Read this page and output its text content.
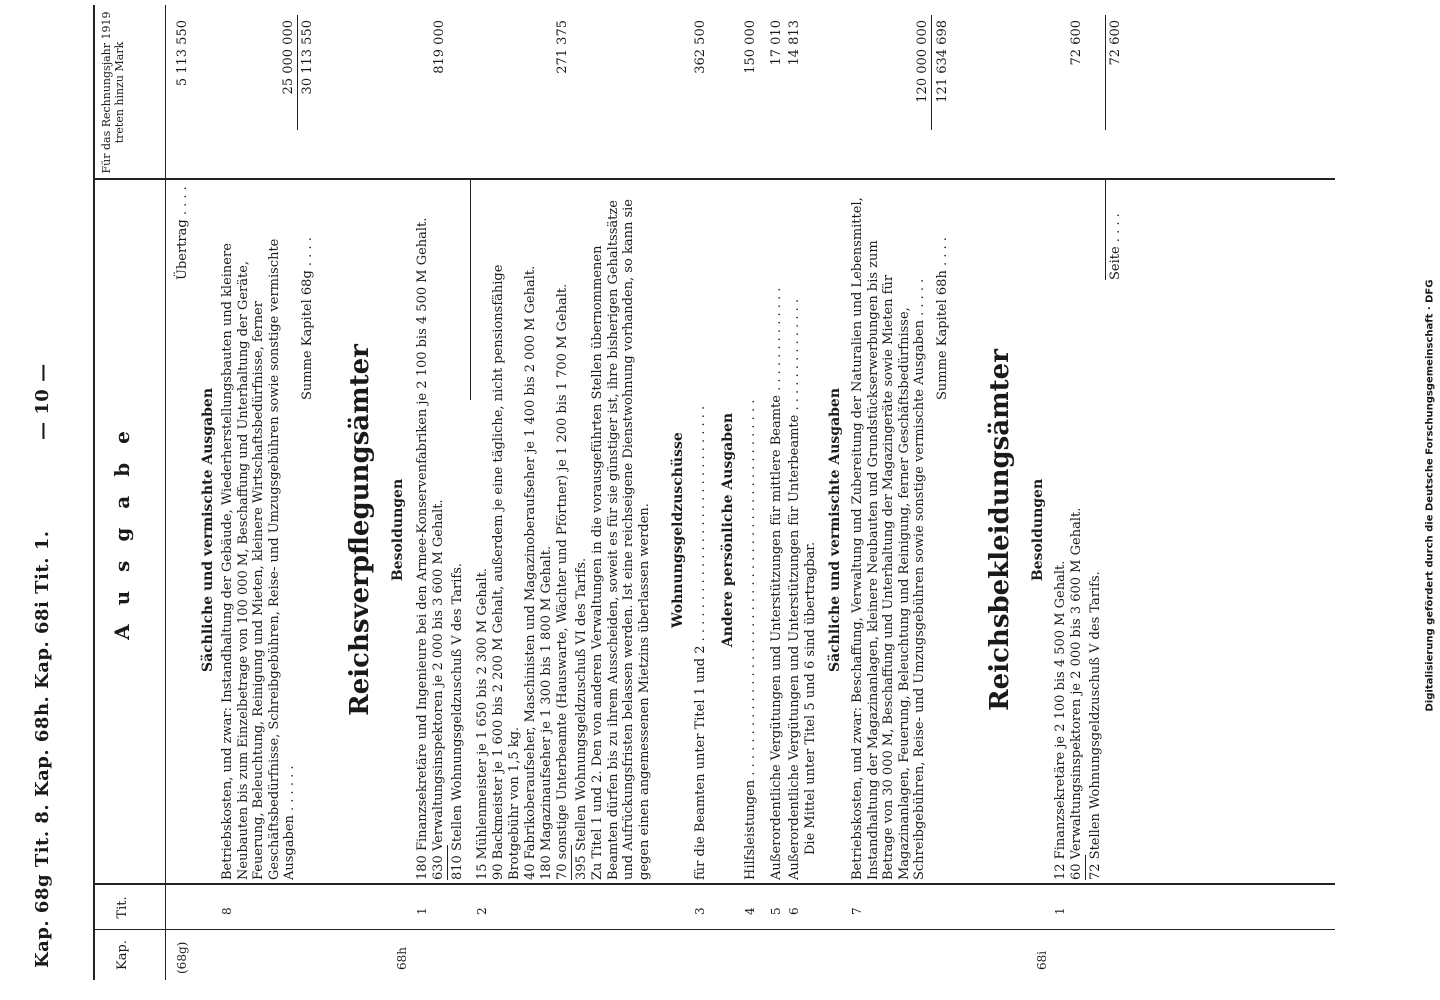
Kap. 68g Tit. 8. Kap. 68h. Kap. 68i Tit. 1.
— 10 —
Kap.
Tit.
A u s g a b e
Für das Rechnungsjahr 1919 treten hinzu Mark
(68g)
Übertrag . . . .
5 113 550
Sächliche und vermischte Ausgaben
8
Betriebskosten, und zwar: Instandhaltung der Gebäude, Wiederherstellungsbauten und kleinere Neubauten bis zum Einzelbetrage von 100 000 M, Beschaffung und Unterhaltung der Geräte, Feuerung, Beleuchtung, Reinigung und Mieten, kleinere Wirtschaftsbedürfnisse, ferner Geschäftsbedürfnisse, Schreibgebühren, Reise- und Umzugsgebühren sowie sonstige vermischte Ausgaben . . . . . .
25 000 000
Summe Kapitel 68g . . . .
30 113 550
68h
Reichsverpflegungsämter Besoldungen
1
180 Finanzsekretäre und Ingenieure bei den Armee-Konservenfabriken je 2 100 bis 4 500 M Gehalt. 630 Verwaltungsinspektoren je 2 000 bis 3 600 M Gehalt. 810 Stellen Wohnungsgeldzuschuß V des Tarifs.
819 000
2
15 Mühlenmeister je 1 650 bis 2 300 M Gehalt. 90 Backmeister je 1 600 bis 2 200 M Gehalt, außerdem je eine tägliche, nicht pensionsfähige Brotgebühr von 1,5 kg. 40 Fabrikoberaufseher, Maschinisten und Magazinoberaufseher je 1 400 bis 2 000 M Gehalt. 180 Magazinaufseher je 1 300 bis 1 800 M Gehalt. 70 sonstige Unterbeamte (Hauswarte, Wächter und Pförtner) je 1 200 bis 1 700 M Gehalt. 395 Stellen Wohnungsgeldzuschuß VI des Tarifs. Zu Titel 1 und 2. Den von anderen Verwaltungen in die vorausgeführten Stellen übernommenen Beamten dürfen bis zu ihrem Ausscheiden, soweit es für sie günstiger ist, ihre bisherigen Gehaltssätze und Aufrückungsfristen belassen werden. Ist eine reichseigene Dienstwohnung vorhanden, so kann sie gegen einen angemessenen Mietzins überlassen werden.
271 375
Wohnungsgeldzuschüsse
3
für die Beamten unter Titel 1 und 2 . . . . . . . . . . . . . . . . . . . . . . . . . . . . .
362 500
Andere persönliche Ausgaben
4
Hilfsleistungen . . . . . . . . . . . . . . . . . . . . . . . . . . . . . . . . . . . . . . . . . . . . . .
150 000
5
Außerordentliche Vergütungen und Unterstützungen für mittlere Beamte . . . . . . . . . . . . .
17 010
6
Außerordentliche Vergütungen und Unterstützungen für Unterbeamte . . . . . . . . . . . . . .
14 813
Die Mittel unter Titel 5 und 6 sind übertragbar.
Sächliche und vermischte Ausgaben
7
Betriebskosten, und zwar: Beschaffung, Verwaltung und Zubereitung der Naturalien und Lebensmittel, Instandhaltung der Magazinanlagen, kleinere Neubauten und Grundstückserwerbungen bis zum Betrage von 30 000 M, Beschaffung und Unterhaltung der Magazingeräte sowie Mieten für Magazinanlagen, Feuerung, Beleuchtung und Reinigung, ferner Geschäftsbedürfnisse, Schreibgebühren, Reise- und Umzugsgebühren sowie sonstige vermischte Ausgaben . . . . .
120 000 000
Summe Kapitel 68h . . . .
121 634 698
68i
Reichsbekleidungsämter Besoldungen
1
12 Finanzsekretäre je 2 100 bis 4 500 M Gehalt. 60 Verwaltungsinspektoren je 2 000 bis 3 600 M Gehalt. 72 Stellen Wohnungsgeldzuschuß V des Tarifs.
72 600
Seite . . . .
72 600
Digitalisierung gefördert durch die Deutsche Forschungsgemeinschaft · DFG
